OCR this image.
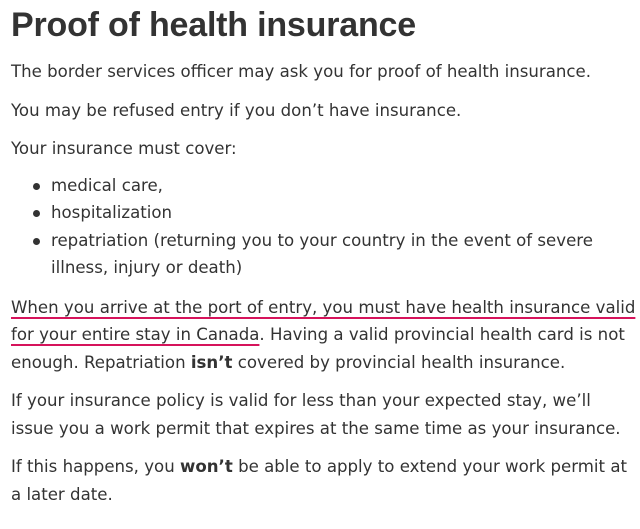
Proof of health insurance

The border services officer may ask you for proof of health insurance.

You may be refused entry if you don’t have insurance.

Your insurance must cover:

medical care,
hospitalization
repatriation (returning you to your country in the event of severe illness, injury or death)

When you arrive at the port of entry, you must have health insurance valid for your entire stay in Canada. Having a valid provincial health card is not enough. Repatriation isn’t covered by provincial health insurance.

If your insurance policy is valid for less than your expected stay, we’ll issue you a work permit that expires at the same time as your insurance.

If this happens, you won’t be able to apply to extend your work permit at a later date.
